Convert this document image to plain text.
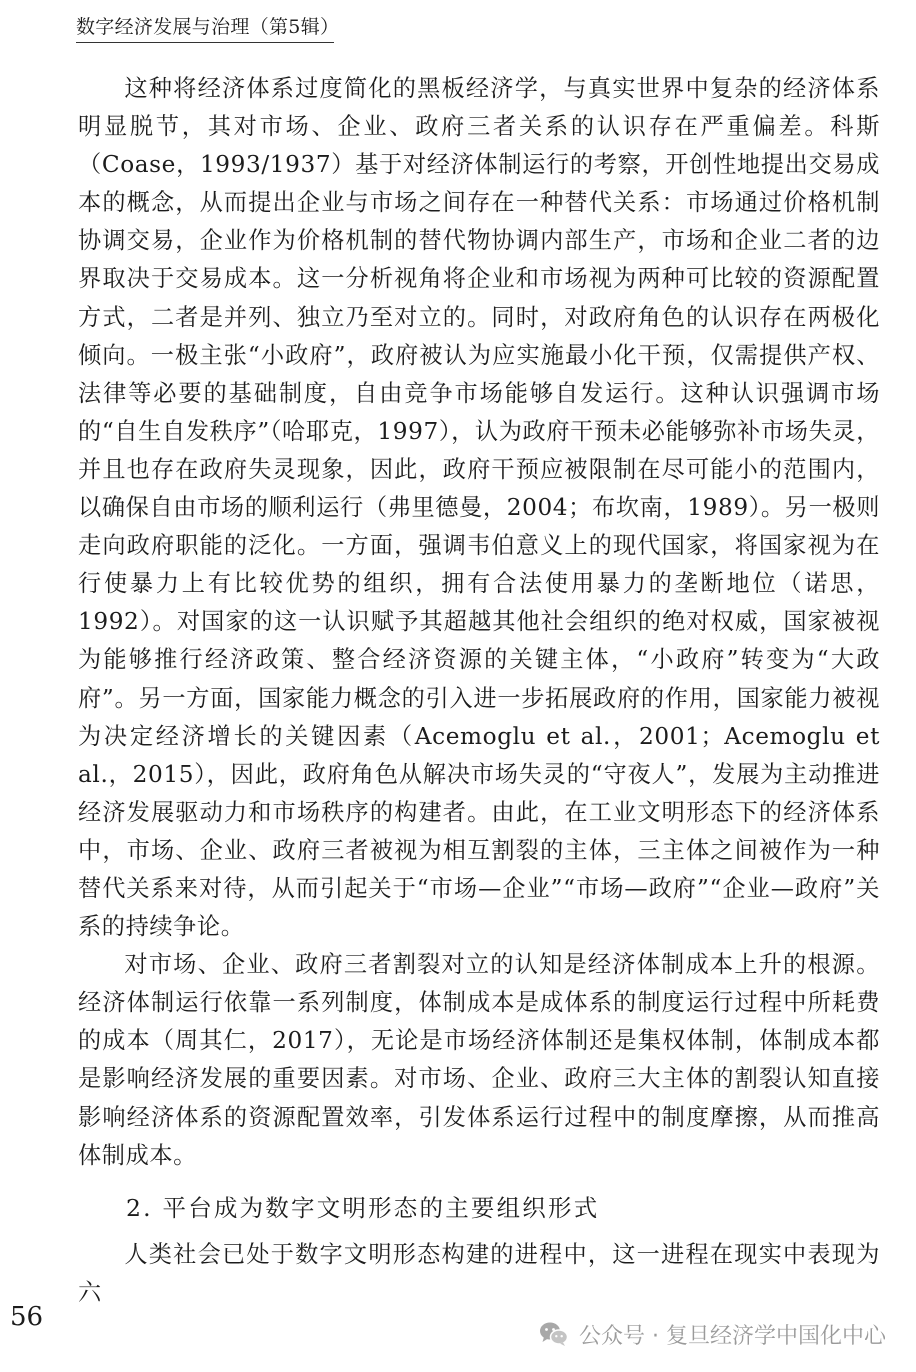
数字经济发展与治理（第5辑）

这种将经济体系过度简化的黑板经济学，与真实世界中复杂的经济体系明显脱节，其对市场、企业、政府三者关系的认识存在严重偏差。科斯（Coase，1993/1937）基于对经济体制运行的考察，开创性地提出交易成本的概念，从而提出企业与市场之间存在一种替代关系：市场通过价格机制协调交易，企业作为价格机制的替代物协调内部生产，市场和企业二者的边界取决于交易成本。这一分析视角将企业和市场视为两种可比较的资源配置方式，二者是并列、独立乃至对立的。同时，对政府角色的认识存在两极化倾向。一极主张“小政府”，政府被认为应实施最小化干预，仅需提供产权、法律等必要的基础制度，自由竞争市场能够自发运行。这种认识强调市场的“自生自发秩序”（哈耶克，1997），认为政府干预未必能够弥补市场失灵，并且也存在政府失灵现象，因此，政府干预应被限制在尽可能小的范围内，以确保自由市场的顺利运行（弗里德曼，2004；布坎南，1989）。另一极则走向政府职能的泛化。一方面，强调韦伯意义上的现代国家，将国家视为在行使暴力上有比较优势的组织，拥有合法使用暴力的垄断地位（诺思，1992）。对国家的这一认识赋予其超越其他社会组织的绝对权威，国家被视为能够推行经济政策、整合经济资源的关键主体，“小政府”转变为“大政府”。另一方面，国家能力概念的引入进一步拓展政府的作用，国家能力被视为决定经济增长的关键因素（Acemoglu et al.，2001；Acemoglu et al.，2015），因此，政府角色从解决市场失灵的“守夜人”，发展为主动推进经济发展驱动力和市场秩序的构建者。由此，在工业文明形态下的经济体系中，市场、企业、政府三者被视为相互割裂的主体，三主体之间被作为一种替代关系来对待，从而引起关于“市场—企业”“市场—政府”“企业—政府”关系的持续争论。

对市场、企业、政府三者割裂对立的认知是经济体制成本上升的根源。经济体制运行依靠一系列制度，体制成本是成体系的制度运行过程中所耗费的成本（周其仁，2017），无论是市场经济体制还是集权体制，体制成本都是影响经济发展的重要因素。对市场、企业、政府三大主体的割裂认知直接影响经济体系的资源配置效率，引发体系运行过程中的制度摩擦，从而推高体制成本。

2. 平台成为数字文明形态的主要组织形式

人类社会已处于数字文明形态构建的进程中，这一进程在现实中表现为六

56
公众号 · 复旦经济学中国化中心
